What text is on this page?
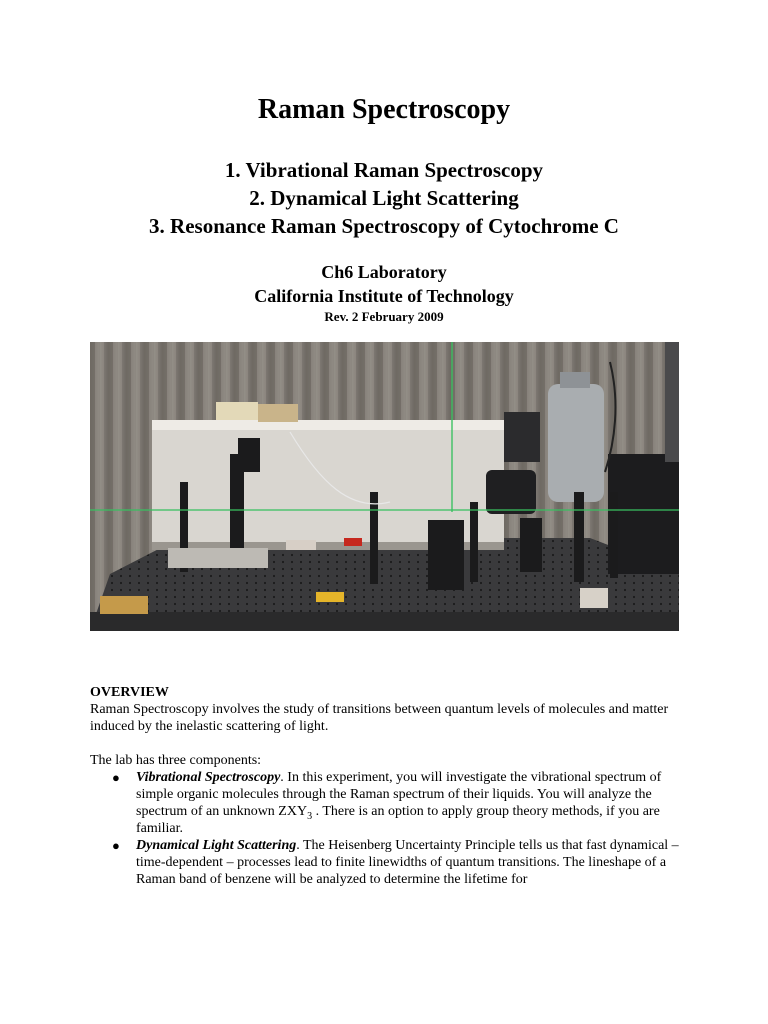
Raman Spectroscopy
1. Vibrational Raman Spectroscopy
2. Dynamical Light Scattering
3. Resonance Raman Spectroscopy of Cytochrome C
Ch6 Laboratory
California Institute of Technology
Rev. 2 February 2009
OVERVIEW

Raman Spectroscopy involves the study of transitions between quantum levels of molecules and matter induced by the inelastic scattering of light.

The lab has three components:

● Vibrational Spectroscopy. In this experiment, you will investigate the vibrational spectrum of simple organic molecules through the Raman spectrum of their liquids. You will analyze the spectrum of an unknown $ZXY_3$ . There is an option to apply group theory methods, if you are familiar.
● Dynamical Light Scattering. The Heisenberg Uncertainty Principle tells us that fast dynamical – time-dependent – processes lead to finite linewidths of quantum transitions. The lineshape of a Raman band of benzene will be analyzed to determine the lifetime for
